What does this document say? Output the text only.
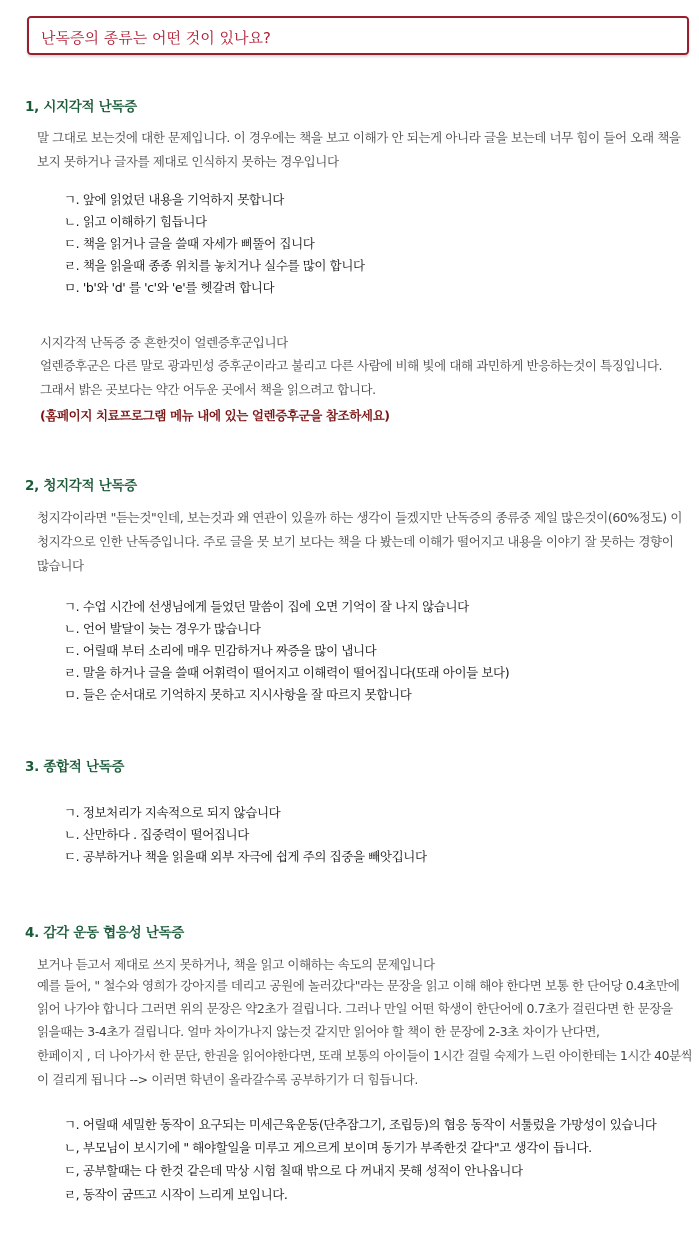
난독증의 종류는 어떤 것이 있나요?
1, 시지각적 난독증
말 그대로 보는것에 대한 문제입니다. 이 경우에는 책을 보고 이해가 안 되는게 아니라 글을 보는데 너무 힘이 들어 오래 책을
보지 못하거나 글자를 제대로 인식하지 못하는 경우입니다
ㄱ. 앞에 읽었던 내용을 기억하지 못합니다
ㄴ. 읽고 이해하기 힘듭니다
ㄷ. 책을 읽거나 글을 쓸때 자세가 삐뚤어 집니다
ㄹ. 책을 읽을때 종종 위치를 놓치거나 실수를 많이 합니다
ㅁ. 'b'와 'd' 를 'c'와 'e'를 헷갈려 합니다
시지각적 난독증 중 흔한것이 얼렌증후군입니다
얼렌증후군은 다른 말로 광과민성 증후군이라고 불리고 다른 사람에 비해 빛에 대해 과민하게 반응하는것이 특징입니다.
그래서 밝은 곳보다는 약간 어두운 곳에서 책을 읽으려고 합니다.
(홈페이지 치료프로그램 메뉴 내에 있는 얼렌증후군을 참조하세요)
2, 청지각적 난독증
청지각이라면 "듣는것"인데, 보는것과 왜 연관이 있을까 하는 생각이 들겠지만 난독증의 종류중 제일 많은것이(60%정도) 이
청지각으로 인한 난독증입니다. 주로 글을 못 보기 보다는 책을 다 봤는데 이해가 떨어지고 내용을 이야기 잘 못하는 경향이
많습니다
ㄱ. 수업 시간에 선생님에게 들었던 말씀이 집에 오면 기억이 잘 나지 않습니다
ㄴ. 언어 발달이 늦는 경우가 많습니다
ㄷ. 어릴때 부터 소리에 매우 민감하거나 짜증을 많이 냅니다
ㄹ. 말을 하거나 글을 쓸때 어휘력이 떨어지고 이해력이 떨어집니다(또래 아이들 보다)
ㅁ. 들은 순서대로 기억하지 못하고 지시사항을 잘 따르지 못합니다
3. 종합적 난독증
ㄱ. 정보처리가 지속적으로 되지 않습니다
ㄴ. 산만하다 . 집중력이 떨어집니다
ㄷ. 공부하거나 책을 읽을때 외부 자극에 쉽게 주의 집중을 빼앗깁니다
4. 감각 운동 협응성 난독증
보거나 듣고서 제대로 쓰지 못하거나, 책을 읽고 이해하는 속도의 문제입니다
예를 들어, " 철수와 영희가 강아지를 데리고 공원에 놀러갔다"라는 문장을 읽고 이해 해야 한다면 보통 한 단어당 0.4초만에
읽어 나가야 합니다 그러면 위의 문장은 약2초가 걸립니다. 그러나 만일 어떤 학생이 한단어에 0.7초가 걸린다면 한 문장을
읽을때는 3-4초가 걸립니다. 얼마 차이가나지 않는것 같지만 읽어야 할 책이 한 문장에 2-3초 차이가 난다면,
한페이지 , 더 나아가서 한 문단, 한권을 읽어야한다면, 또래 보통의 아이들이 1시간 걸릴 숙제가 느린 아이한테는 1시간 40분씩
이 걸리게 됩니다 --> 이러면 학년이 올라갈수록 공부하기가 더 힘듭니다.
ㄱ. 어릴때 세밀한 동작이 요구되는 미세근육운동(단추잠그기, 조립등)의 협응 동작이 서툴렀을 가망성이 있습니다
ㄴ, 부모님이 보시기에 " 해야할일을 미루고 게으르게 보이며 동기가 부족한것 같다"고 생각이 듭니다.
ㄷ, 공부할때는 다 한것 같은데 막상 시험 칠때 밖으로 다 꺼내지 못해 성적이 안나옵니다
ㄹ, 동작이 굼뜨고 시작이 느리게 보입니다.
